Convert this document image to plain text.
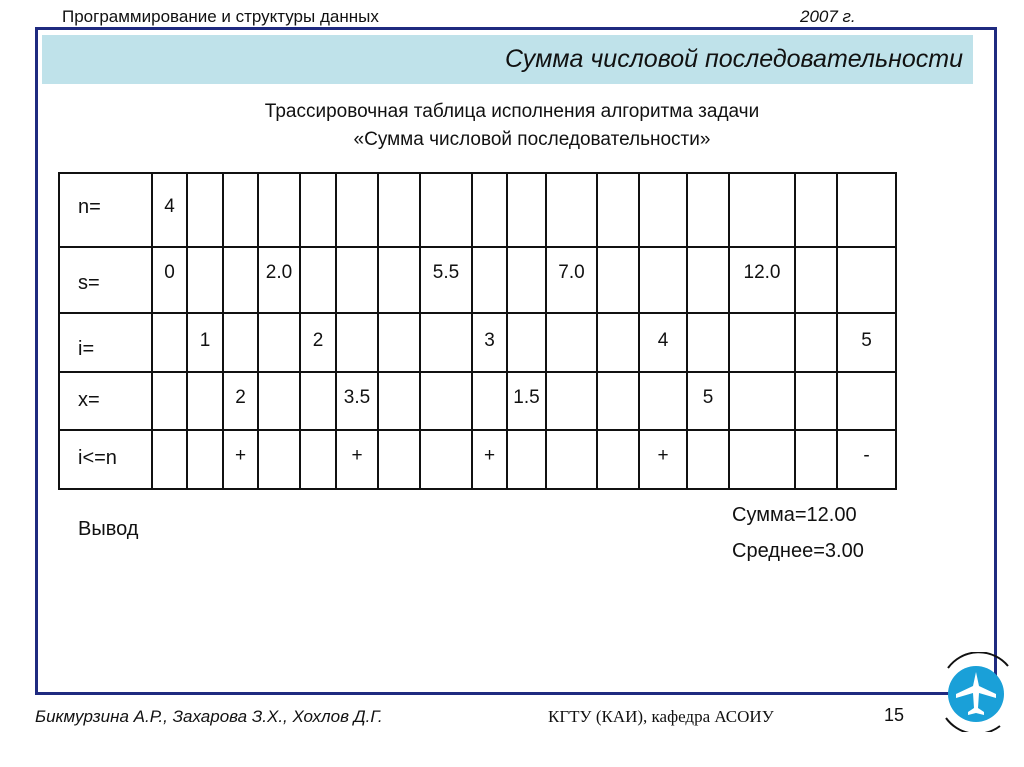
Программирование и структуры данных	2007 г.
Сумма числовой последовательности
Трассировочная таблица исполнения алгоритма задачи
«Сумма числовой последовательности»
n=	4																

s=	0			2.0				5.5			7.0				12.0		

i=		1			2				3				4				5

x=			2			3.5				1.5				5			

i<=n			+			+			+				+				-
Вывод
Сумма=12.00
Среднее=3.00
Бикмурзина А.Р., Захарова З.Х., Хохлов Д.Г.	КГТУ (КАИ), кафедра АСОИУ	15
